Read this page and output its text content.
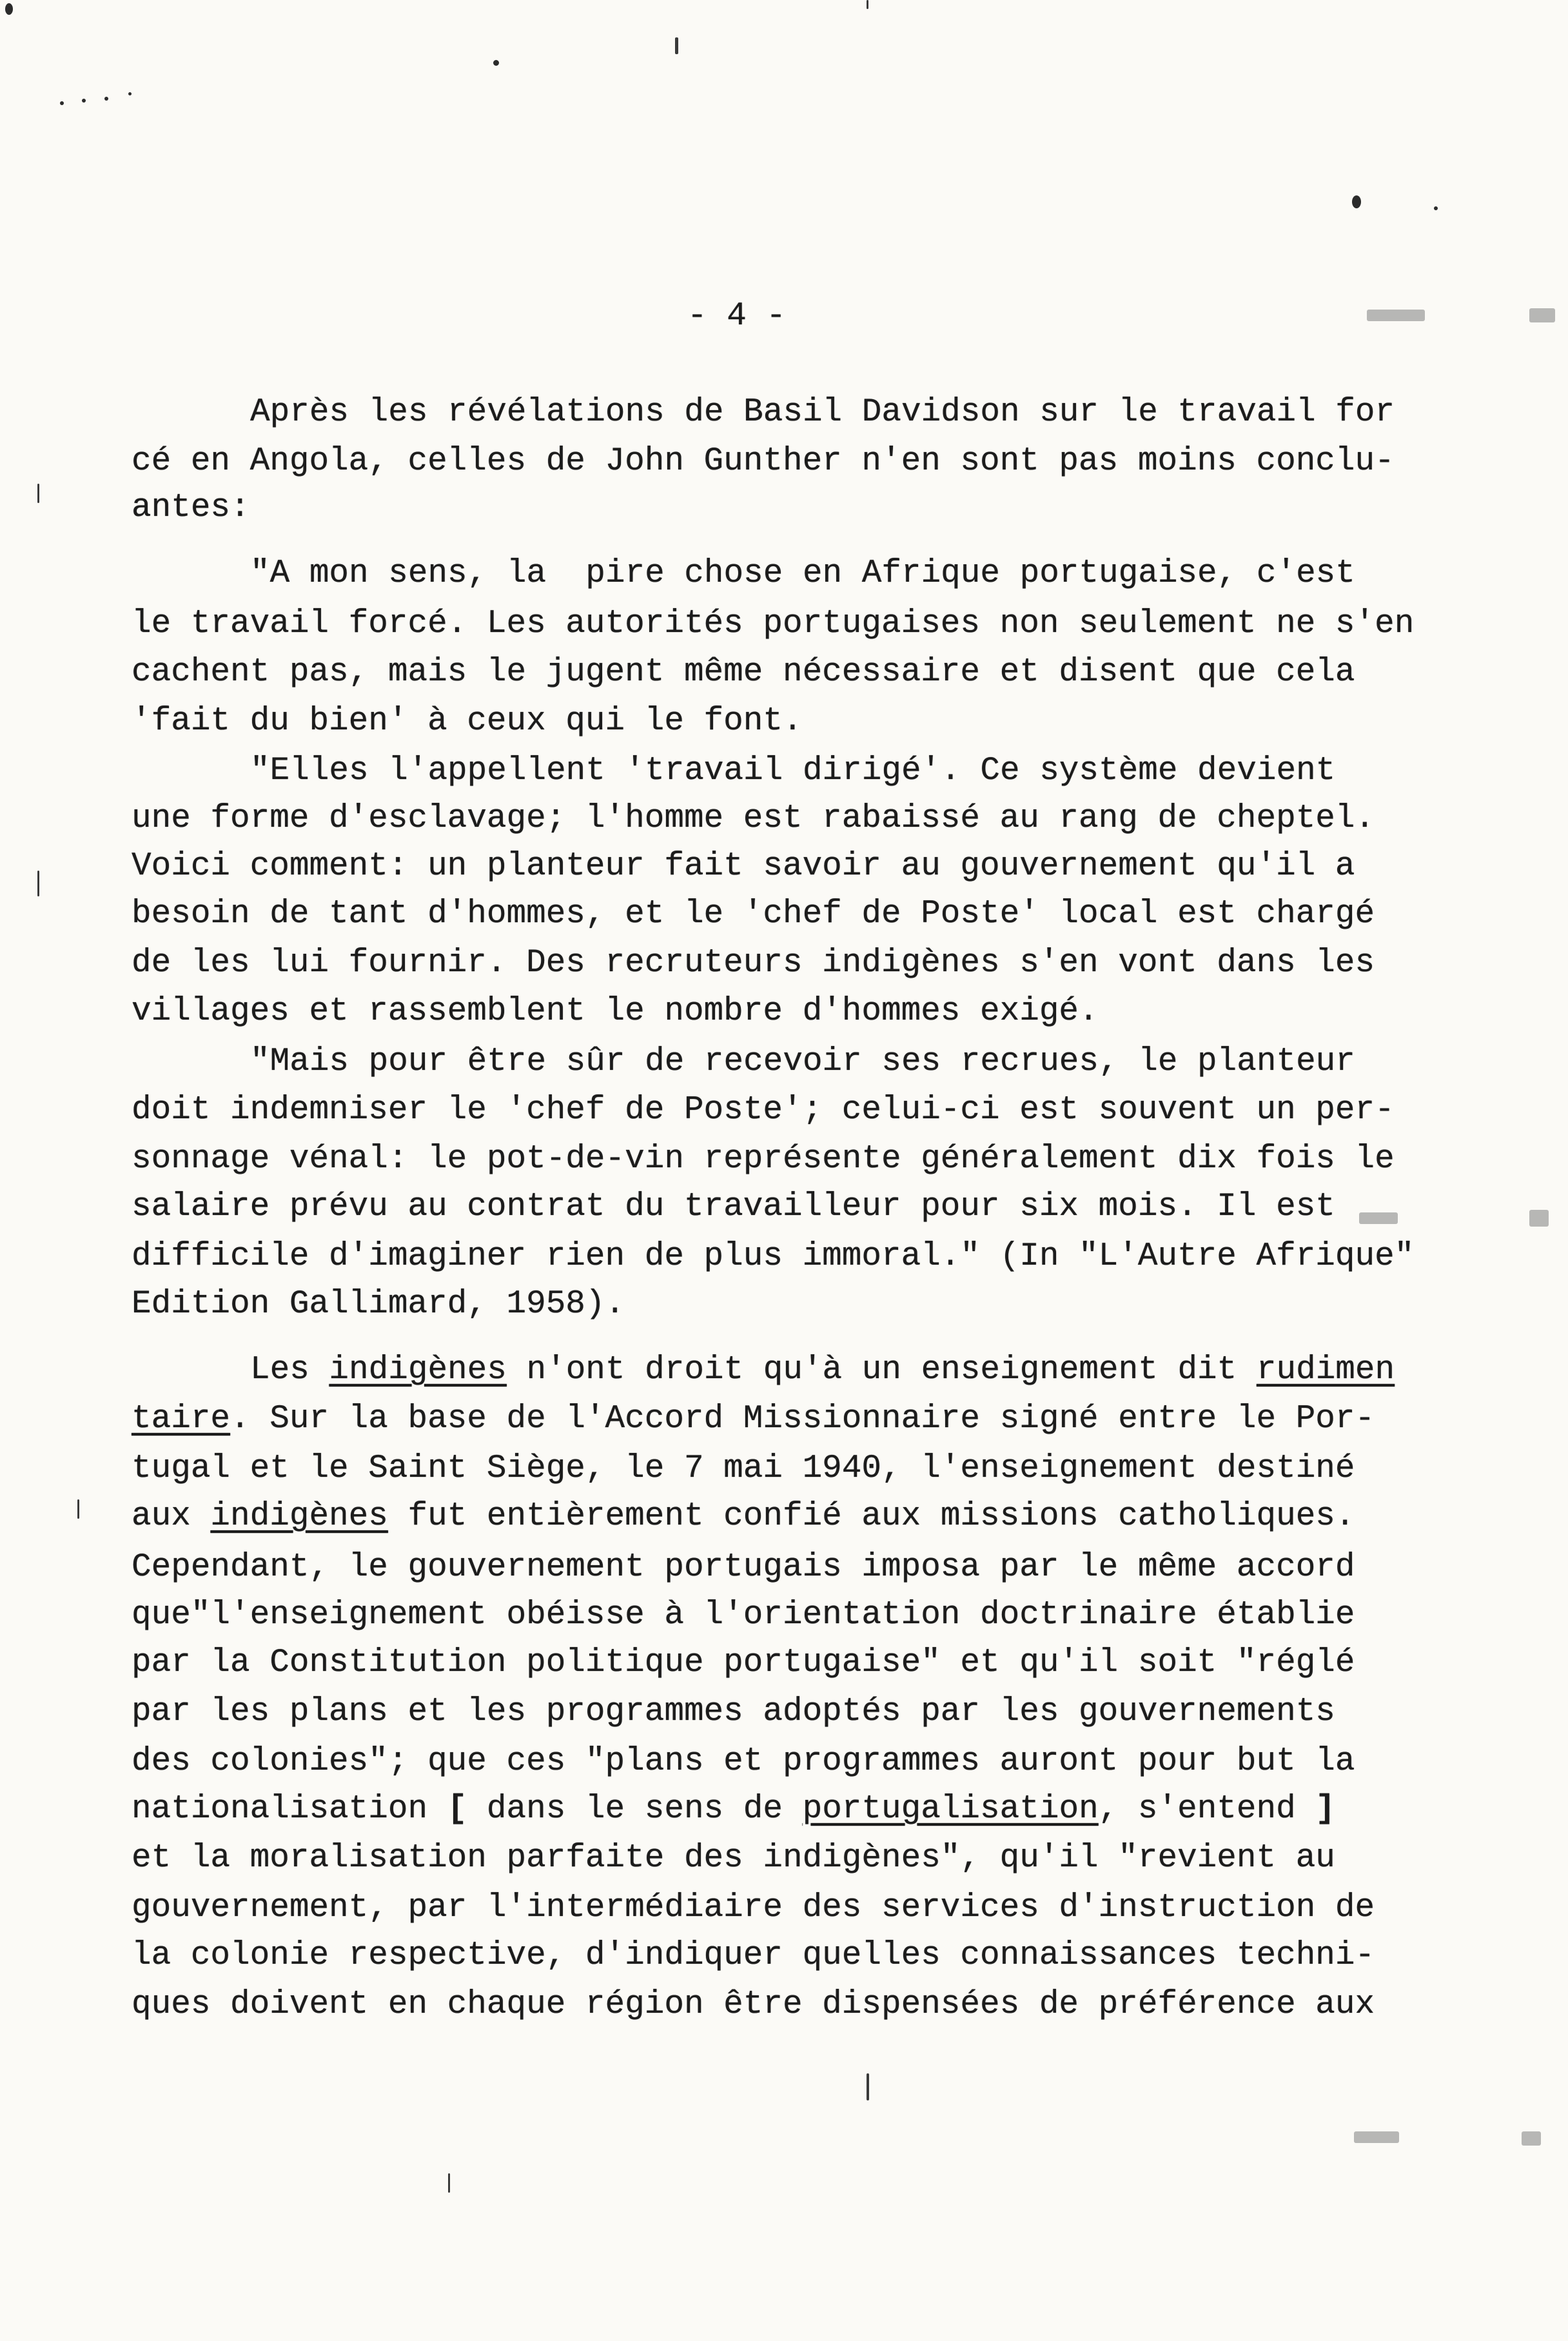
- 4 -
Après les révélations de Basil Davidson sur le travail for
cé en Angola, celles de John Gunther n'en sont pas moins conclu-
antes:
"A mon sens, la  pire chose en Afrique portugaise, c'est
le travail forcé. Les autorités portugaises non seulement ne s'en
cachent pas, mais le jugent même nécessaire et disent que cela
'fait du bien' à ceux qui le font.
"Elles l'appellent 'travail dirigé'. Ce système devient
une forme d'esclavage; l'homme est rabaissé au rang de cheptel.
Voici comment: un planteur fait savoir au gouvernement qu'il a
besoin de tant d'hommes, et le 'chef de Poste' local est chargé
de les lui fournir. Des recruteurs indigènes s'en vont dans les
villages et rassemblent le nombre d'hommes exigé.
"Mais pour être sûr de recevoir ses recrues, le planteur
doit indemniser le 'chef de Poste'; celui-ci est souvent un per-
sonnage vénal: le pot-de-vin représente généralement dix fois le
salaire prévu au contrat du travailleur pour six mois. Il est
difficile d'imaginer rien de plus immoral." (In "L'Autre Afrique"
Edition Gallimard, 1958).
Les indigènes n'ont droit qu'à un enseignement dit rudimen
taire. Sur la base de l'Accord Missionnaire signé entre le Por-
tugal et le Saint Siège, le 7 mai 1940, l'enseignement destiné
aux indigènes fut entièrement confié aux missions catholiques.
Cependant, le gouvernement portugais imposa par le même accord
que"l'enseignement obéisse à l'orientation doctrinaire établie
par la Constitution politique portugaise" et qu'il soit "réglé
par les plans et les programmes adoptés par les gouvernements
des colonies"; que ces "plans et programmes auront pour but la
nationalisation [ dans le sens de portugalisation, s'entend ]
et la moralisation parfaite des indigènes", qu'il "revient au
gouvernement, par l'intermédiaire des services d'instruction de
la colonie respective, d'indiquer quelles connaissances techni-
ques doivent en chaque région être dispensées de préférence aux
